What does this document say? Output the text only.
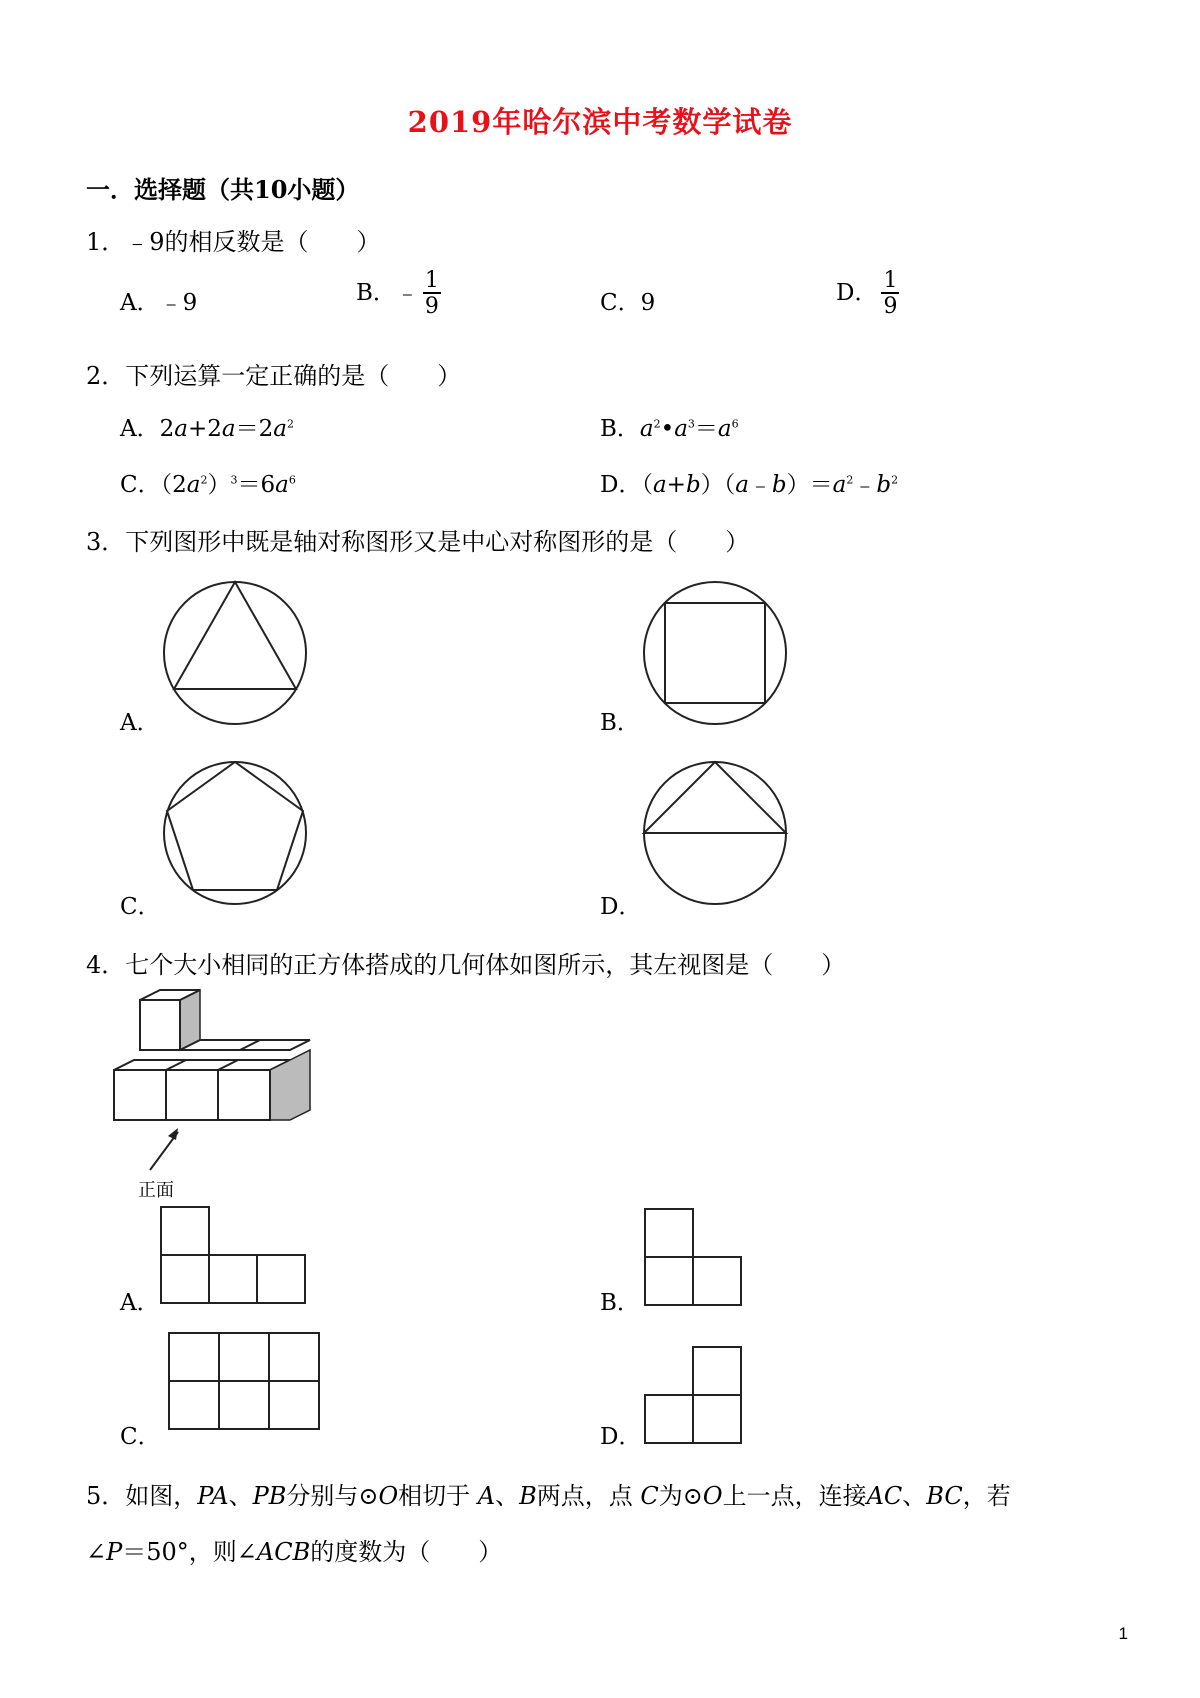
2019年哈尔滨中考数学试卷
一．选择题（共10小题）
1．﹣9的相反数是（　　）
A．﹣9	B．﹣ $\frac{1}{9}$	C．9	D． $\frac{1}{9}$
2．下列运算一定正确的是（　　）
A．$2a+2a=2a^2$	B．$a^2•a^3=a^6$
C．$(2a^2)^3=6a^6$	D．$(a+b)(a﹣b)=a^2﹣b^2$
3．下列图形中既是轴对称图形又是中心对称图形的是（　　）
A．	B．
C．	D．
4．七个大小相同的正方体搭成的几何体如图所示，其左视图是（　　）
正面
A．	B．
C．	D．
5．如图，PA、PB分别与⊙O相切于 A、B两点，点 C为⊙O上一点，连接AC、BC，若
∠P＝50°，则∠ACB的度数为（　　）
1
